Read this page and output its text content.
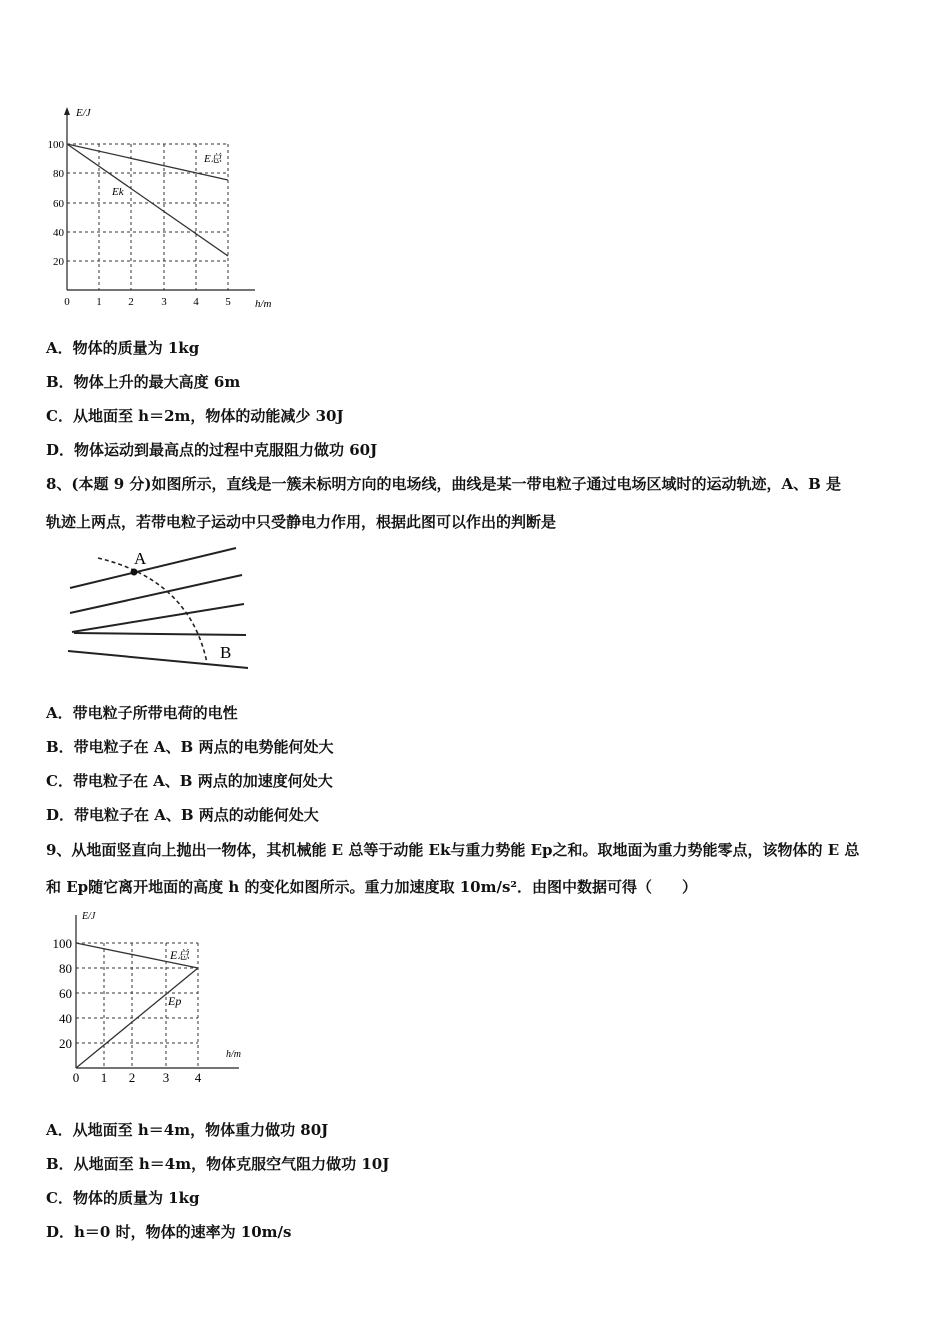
E/J
100
80
60
40
20
0 1 2	3 4 5 h/m
E总
Ek
A．物体的质量为 1kg
B．物体上升的最大高度 6m
C．从地面至 h＝2m，物体的动能减少 30J
D．物体运动到最高点的过程中克服阻力做功 60J
8、(本题 9 分)如图所示，直线是一簇未标明方向的电场线，曲线是某一带电粒子通过电场区域时的运动轨迹，A、B 是
轨迹上两点，若带电粒子运动中只受静电力作用，根据此图可以作出的判断是
A
B
A．带电粒子所带电荷的电性
B．带电粒子在 A、B 两点的电势能何处大
C．带电粒子在 A、B 两点的加速度何处大
D．带电粒子在 A、B 两点的动能何处大
9、从地面竖直向上抛出一物体，其机械能 E 总等于动能 Ek与重力势能 Ep之和。取地面为重力势能零点，该物体的 E 总
和 Ep随它离开地面的高度 h 的变化如图所示。重力加速度取 10m/s²．由图中数据可得（　　）
E/J
100
80
60
40
20
0 1 2 3 4
h/m
E总
Ep
A．从地面至 h＝4m，物体重力做功 80J
B．从地面至 h＝4m，物体克服空气阻力做功 10J
C．物体的质量为 1kg
D．h＝0 时，物体的速率为 10m/s
